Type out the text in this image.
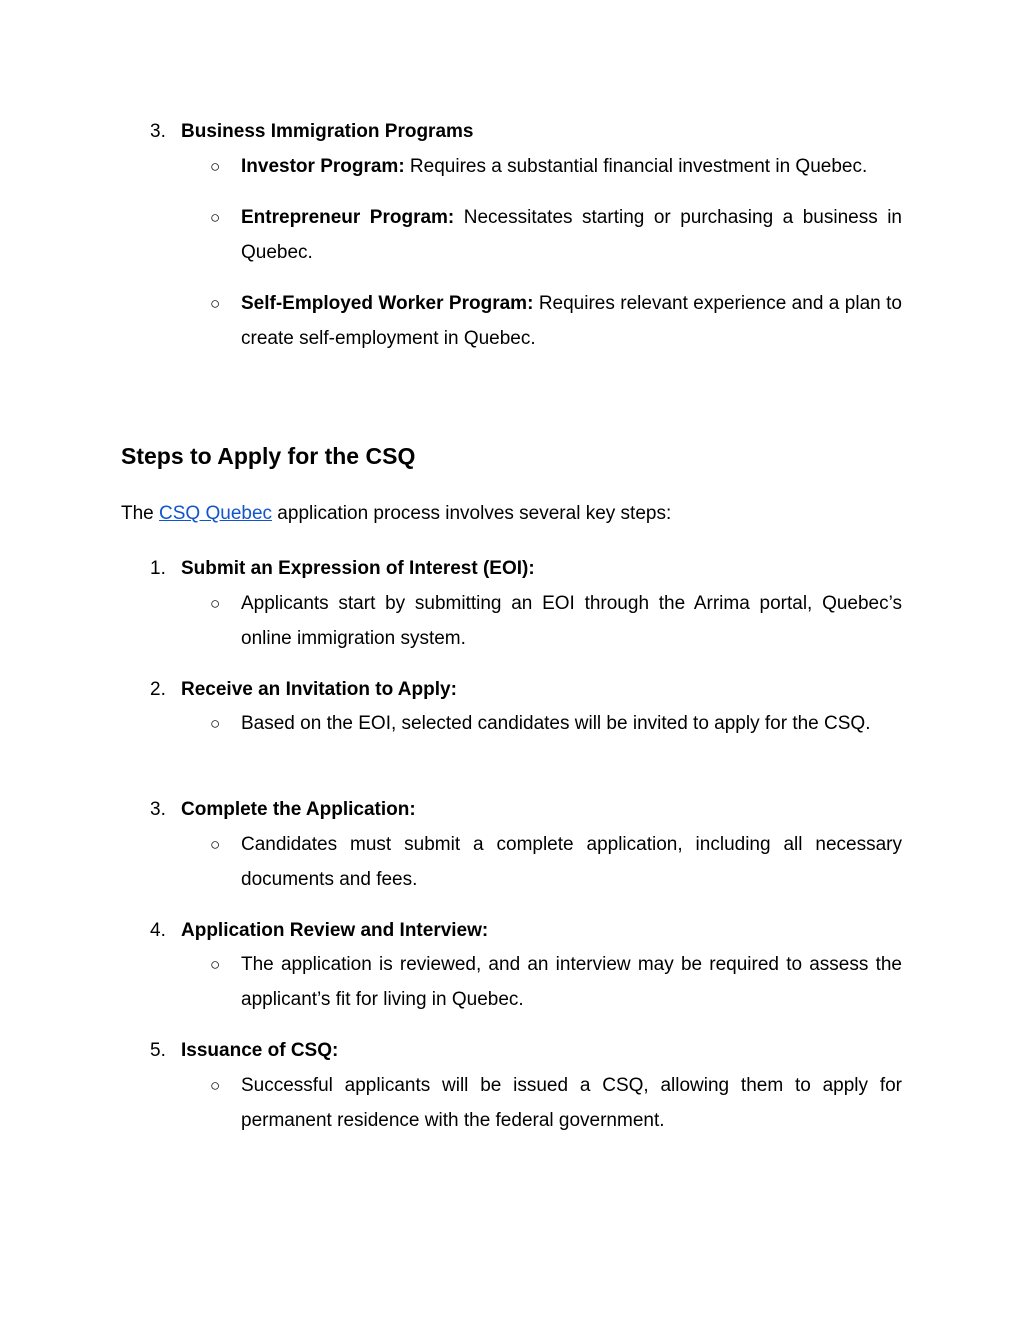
3. Business Immigration Programs
○	Investor Program: Requires a substantial financial investment in Quebec.
○	Entrepreneur Program: Necessitates starting or purchasing a business in Quebec.
○	Self-Employed Worker Program: Requires relevant experience and a plan to create self-employment in Quebec.
Steps to Apply for the CSQ
The CSQ Quebec application process involves several key steps:
1. Submit an Expression of Interest (EOI):
○	Applicants start by submitting an EOI through the Arrima portal, Quebec’s online immigration system.
2. Receive an Invitation to Apply:
○	Based on the EOI, selected candidates will be invited to apply for the CSQ.
3. Complete the Application:
○	Candidates must submit a complete application, including all necessary documents and fees.
4. Application Review and Interview:
○	The application is reviewed, and an interview may be required to assess the applicant’s fit for living in Quebec.
5. Issuance of CSQ:
○	Successful applicants will be issued a CSQ, allowing them to apply for permanent residence with the federal government.
